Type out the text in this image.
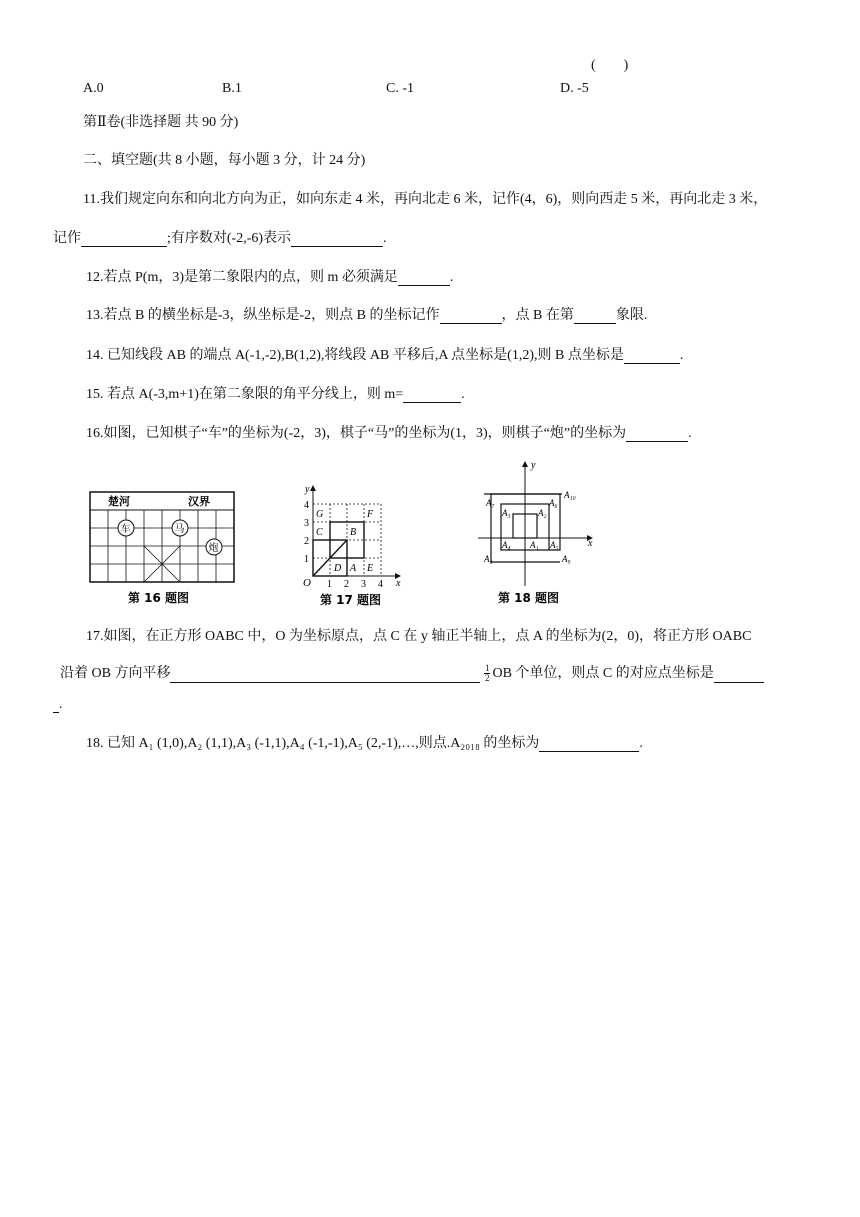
(　　)
A.0	B.1	C. -1	D. -5
第Ⅱ卷(非选择题 共 90 分)
二、填空题(共 8 小题，每小题 3 分，计 24 分)
11.我们规定向东和向北方向为正，如向东走 4 米，再向北走 6 米，记作(4，6)，则向西走 5 米，再向北走 3 米，
记作	;有序数对(-2,-6)表示	.
12.若点 P(m，3)是第二象限内的点，则 m 必须满足	.
13.若点 B 的横坐标是-3，纵坐标是-2，则点 B 的坐标记作	，点 B 在第	象限.
14. 已知线段 AB 的端点 A(-1,-2),B(1,2),将线段 AB 平移后,A 点坐标是(1,2),则 B 点坐标是	.
15. 若点 A(-3,m+1)在第二象限的角平分线上，则 m=	.
16.如图，已知棋子“车”的坐标为(-2，3)，棋子“马”的坐标为(1，3)，则棋子“炮”的坐标为	.
楚河	汉界
车	马
炮
第 16 题图
y
x
O 1 2 3 4
1
2
3
4
G	F
C	B
D A E
第 17 题图
A₁₀
A₇	A₆
A₃	A₂
A₄ A₁ A₅
A₈	A₉
y
x
第 18 题图
17.如图，在正方形 OABC 中，O 为坐标原点，点 C 在 y 轴正半轴上，点 A 的坐标为(2，0)，将正方形 OABC
沿着 OB 方向平移	$\frac{1}{2}$ OB 个单位，则点 C 的对应点坐标是
.
18. 已知 A₁ (1,0),A₂ (1,1),A₃ (-1,1),A₄ (-1,-1),A₅ (2,-1),…,则点.A₂₀₁₈ 的坐标为	.
